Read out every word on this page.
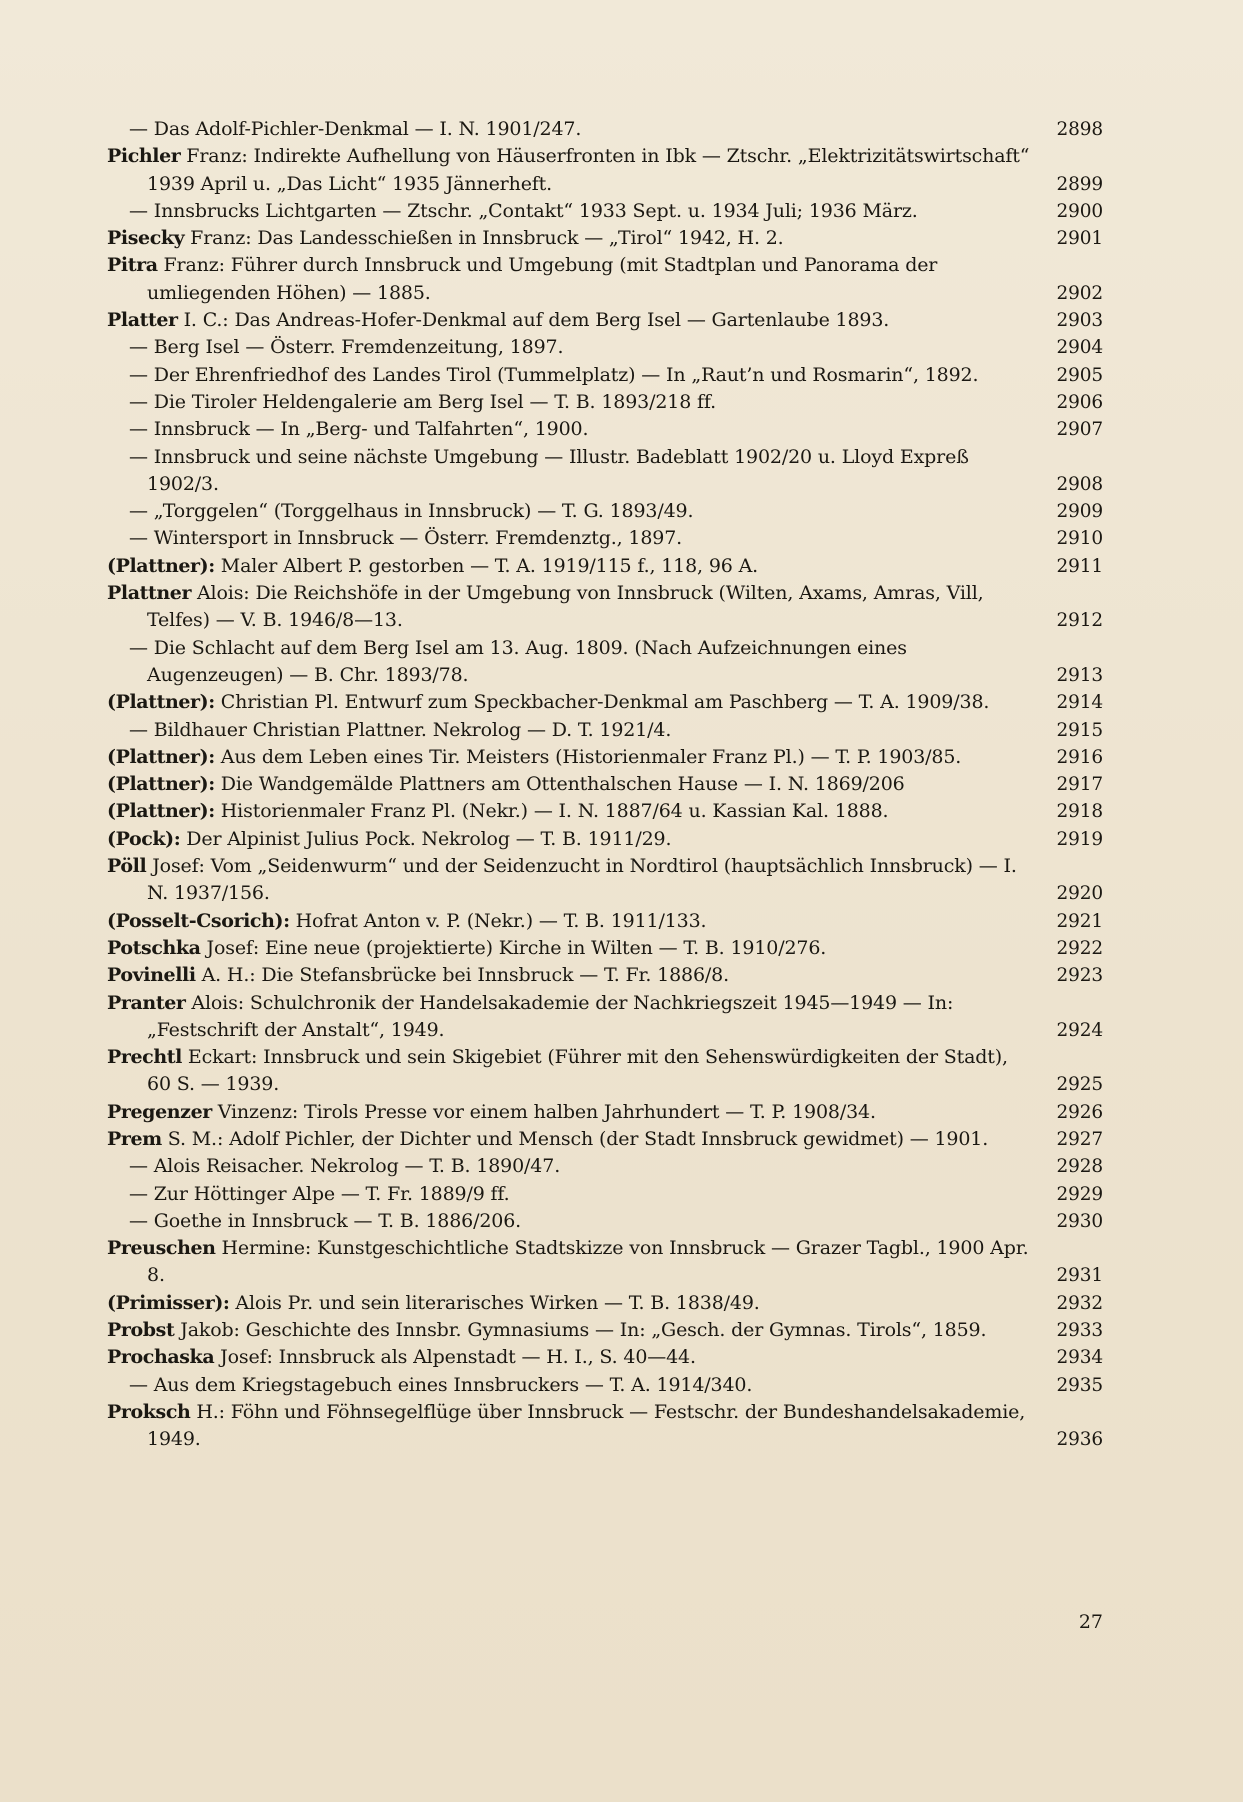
— Das Adolf-Pichler-Denkmal — I. N. 1901/247.	2898
Pichler Franz: Indirekte Aufhellung von Häuserfronten in Ibk — Ztschr. „Elektrizitätswirtschaft“ 1939 April u. „Das Licht“ 1935 Jännerheft.	2899
— Innsbrucks Lichtgarten — Ztschr. „Contakt“ 1933 Sept. u. 1934 Juli; 1936 März.	2900
Pisecky Franz: Das Landesschießen in Innsbruck — „Tirol“ 1942, H. 2.	2901
Pitra Franz: Führer durch Innsbruck und Umgebung (mit Stadtplan und Panorama der umliegenden Höhen) — 1885.	2902
Platter I. C.: Das Andreas-Hofer-Denkmal auf dem Berg Isel — Gartenlaube 1893.	2903
— Berg Isel — Österr. Fremdenzeitung, 1897.	2904
— Der Ehrenfriedhof des Landes Tirol (Tummelplatz) — In „Raut’n und Rosmarin“, 1892.	2905
— Die Tiroler Heldengalerie am Berg Isel — T. B. 1893/218 ff.	2906
— Innsbruck — In „Berg- und Talfahrten“, 1900.	2907
— Innsbruck und seine nächste Umgebung — Illustr. Badeblatt 1902/20 u. Lloyd Expreß 1902/3.	2908
— „Torggelen“ (Torggelhaus in Innsbruck) — T. G. 1893/49.	2909
— Wintersport in Innsbruck — Österr. Fremdenztg., 1897.	2910
(Plattner): Maler Albert P. gestorben — T. A. 1919/115 f., 118, 96 A.	2911
Plattner Alois: Die Reichshöfe in der Umgebung von Innsbruck (Wilten, Axams, Amras, Vill, Telfes) — V. B. 1946/8—13.	2912
— Die Schlacht auf dem Berg Isel am 13. Aug. 1809. (Nach Aufzeichnungen eines Augenzeugen) — B. Chr. 1893/78.	2913
(Plattner): Christian Pl. Entwurf zum Speckbacher-Denkmal am Paschberg — T. A. 1909/38.	2914
— Bildhauer Christian Plattner. Nekrolog — D. T. 1921/4.	2915
(Plattner): Aus dem Leben eines Tir. Meisters (Historienmaler Franz Pl.) — T. P. 1903/85.	2916
(Plattner): Die Wandgemälde Plattners am Ottenthalschen Hause — I. N. 1869/206	2917
(Plattner): Historienmaler Franz Pl. (Nekr.) — I. N. 1887/64 u. Kassian Kal. 1888.	2918
(Pock): Der Alpinist Julius Pock. Nekrolog — T. B. 1911/29.	2919
Pöll Josef: Vom „Seidenwurm“ und der Seidenzucht in Nordtirol (hauptsächlich Innsbruck) — I. N. 1937/156.	2920
(Posselt-Csorich): Hofrat Anton v. P. (Nekr.) — T. B. 1911/133.	2921
Potschka Josef: Eine neue (projektierte) Kirche in Wilten — T. B. 1910/276.	2922
Povinelli A. H.: Die Stefansbrücke bei Innsbruck — T. Fr. 1886/8.	2923
Pranter Alois: Schulchronik der Handelsakademie der Nachkriegszeit 1945—1949 — In: „Festschrift der Anstalt“, 1949.	2924
Prechtl Eckart: Innsbruck und sein Skigebiet (Führer mit den Sehenswürdigkeiten der Stadt), 60 S. — 1939.	2925
Pregenzer Vinzenz: Tirols Presse vor einem halben Jahrhundert — T. P. 1908/34.	2926
Prem S. M.: Adolf Pichler, der Dichter und Mensch (der Stadt Innsbruck gewidmet) — 1901.	2927
— Alois Reisacher. Nekrolog — T. B. 1890/47.	2928
— Zur Höttinger Alpe — T. Fr. 1889/9 ff.	2929
— Goethe in Innsbruck — T. B. 1886/206.	2930
Preuschen Hermine: Kunstgeschichtliche Stadtskizze von Innsbruck — Grazer Tagbl., 1900 Apr. 8.	2931
(Primisser): Alois Pr. und sein literarisches Wirken — T. B. 1838/49.	2932
Probst Jakob: Geschichte des Innsbr. Gymnasiums — In: „Gesch. der Gymnas. Tirols“, 1859.	2933
Prochaska Josef: Innsbruck als Alpenstadt — H. I., S. 40—44.	2934
— Aus dem Kriegstagebuch eines Innsbruckers — T. A. 1914/340.	2935
Proksch H.: Föhn und Föhnsegelflüge über Innsbruck — Festschr. der Bundeshandelsakademie, 1949.	2936
27
